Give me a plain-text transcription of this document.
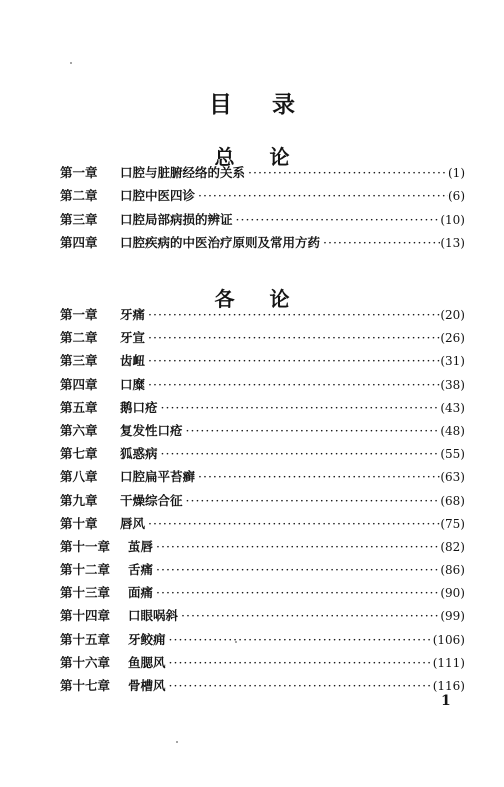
目 录
总 论
第一章	口腔与脏腑经络的关系 ·····	(1)
第二章	口腔中医四诊 ·····	(6)
第三章	口腔局部病损的辨证 ·····	(10)
第四章	口腔疾病的中医治疗原则及常用方药 ·····	(13)
各 论
第一章	牙痛 ·····	(20)
第二章	牙宣 ·····	(26)
第三章	齿衄 ·····	(31)
第四章	口糜 ·····	(38)
第五章	鹅口疮 ·····	(43)
第六章	复发性口疮 ·····	(48)
第七章	狐惑病 ·····	(55)
第八章	口腔扁平苔癣 ·····	(63)
第九章	干燥综合征 ·····	(68)
第十章	唇风 ·····	(75)
第十一章	茧唇 ·····	(82)
第十二章	舌痛 ·····	(86)
第十三章	面痛 ·····	(90)
第十四章	口眼㖞斜 ·····	(99)
第十五章	牙鲛痈 ·····	(106)
第十六章	鱼腮风 ·····	(111)
第十七章	骨槽风 ·····	(116)
1
